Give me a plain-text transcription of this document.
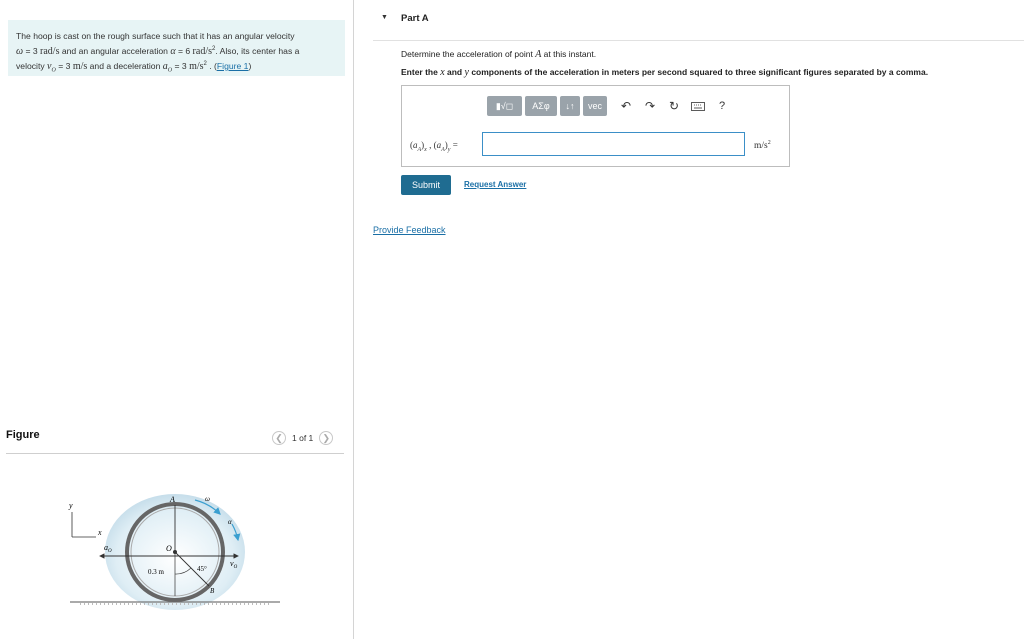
The hoop is cast on the rough surface such that it has an angular velocity
ω = 3 rad/s and an angular acceleration α = 6 rad/$s^2$. Also, its center has a
velocity $v_O = 3$ m/s and a deceleration $a_O = 3$ $m/s^2$ . (Figure 1)
Figure	❮	1 of 1	❯
y
x
$a_O$
$v_O$
O
A
45°
B
0.3 m
ω
α
▼ Part A
Determine the acceleration of point A at this instant.
Enter the x and y components of the acceleration in meters per second squared to three significant figures separated by a comma.
▮√◻	ΑΣφ	↓↑	vec	↶	↷	↻	?
$(a_A)_x$ , $(a_A)_y$ =	$m/s^2$
Submit	Request Answer
Provide Feedback
